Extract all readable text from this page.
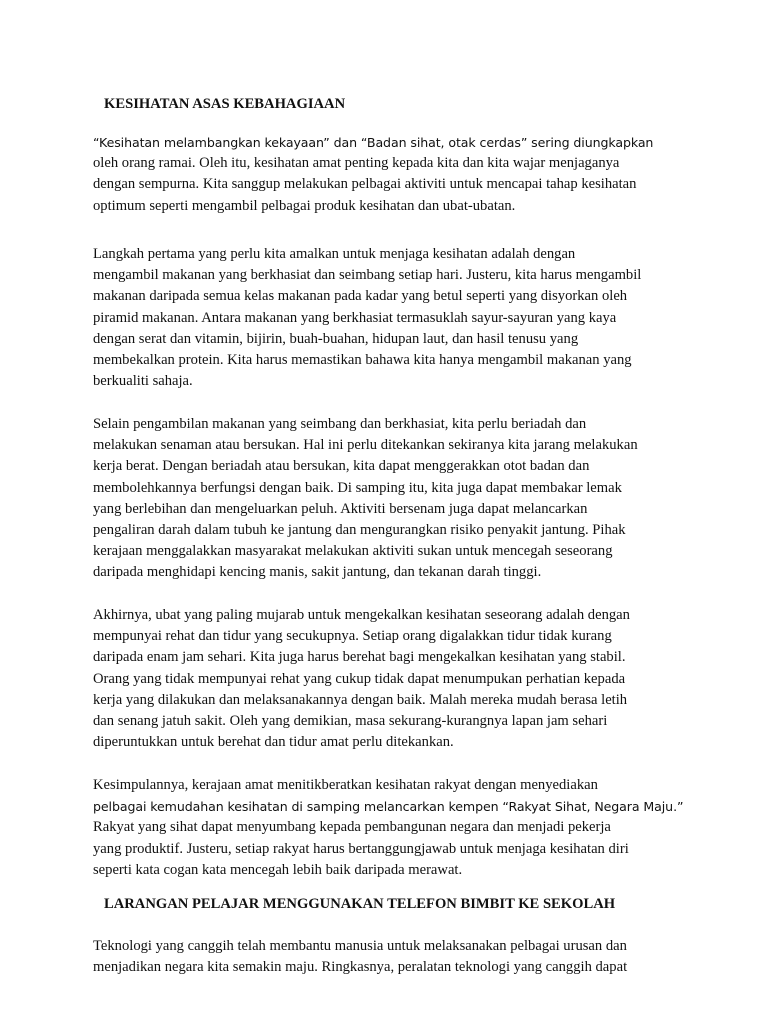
KESIHATAN ASAS KEBAHAGIAAN
“Kesihatan melambangkan kekayaan” dan “Badan sihat, otak cerdas” sering diungkapkan
oleh orang ramai. Oleh itu, kesihatan amat penting kepada kita dan kita wajar menjaganya
dengan sempurna. Kita sanggup melakukan pelbagai aktiviti untuk mencapai tahap kesihatan
optimum seperti mengambil pelbagai produk kesihatan dan ubat-ubatan.
Langkah pertama yang perlu kita amalkan untuk menjaga kesihatan adalah dengan
mengambil makanan yang berkhasiat dan seimbang setiap hari. Justeru, kita harus mengambil
makanan daripada semua kelas makanan pada kadar yang betul seperti yang disyorkan oleh
piramid makanan. Antara makanan yang berkhasiat termasuklah sayur-sayuran yang kaya
dengan serat dan vitamin, bijirin, buah-buahan, hidupan laut, dan hasil tenusu yang
membekalkan protein. Kita harus memastikan bahawa kita hanya mengambil makanan yang
berkualiti sahaja.
Selain pengambilan makanan yang seimbang dan berkhasiat, kita perlu beriadah dan
melakukan senaman atau bersukan. Hal ini perlu ditekankan sekiranya kita jarang melakukan
kerja berat. Dengan beriadah atau bersukan, kita dapat menggerakkan otot badan dan
membolehkannya berfungsi dengan baik. Di samping itu, kita juga dapat membakar lemak
yang berlebihan dan mengeluarkan peluh. Aktiviti bersenam juga dapat melancarkan
pengaliran darah dalam tubuh ke jantung dan mengurangkan risiko penyakit jantung. Pihak
kerajaan menggalakkan masyarakat melakukan aktiviti sukan untuk mencegah seseorang
daripada menghidapi kencing manis, sakit jantung, dan tekanan darah tinggi.
Akhirnya, ubat yang paling mujarab untuk mengekalkan kesihatan seseorang adalah dengan
mempunyai rehat dan tidur yang secukupnya. Setiap orang digalakkan tidur tidak kurang
daripada enam jam sehari. Kita juga harus berehat bagi mengekalkan kesihatan yang stabil.
Orang yang tidak mempunyai rehat yang cukup tidak dapat menumpukan perhatian kepada
kerja yang dilakukan dan melaksanakannya dengan baik. Malah mereka mudah berasa letih
dan senang jatuh sakit. Oleh yang demikian, masa sekurang-kurangnya lapan jam sehari
diperuntukkan untuk berehat dan tidur amat perlu ditekankan.
Kesimpulannya, kerajaan amat menitikberatkan kesihatan rakyat dengan menyediakan
pelbagai kemudahan kesihatan di samping melancarkan kempen “Rakyat Sihat, Negara Maju.”
Rakyat yang sihat dapat menyumbang kepada pembangunan negara dan menjadi pekerja
yang produktif. Justeru, setiap rakyat harus bertanggungjawab untuk menjaga kesihatan diri
seperti kata cogan kata mencegah lebih baik daripada merawat.
LARANGAN PELAJAR MENGGUNAKAN TELEFON BIMBIT KE SEKOLAH
Teknologi yang canggih telah membantu manusia untuk melaksanakan pelbagai urusan dan
menjadikan negara kita semakin maju. Ringkasnya, peralatan teknologi yang canggih dapat
